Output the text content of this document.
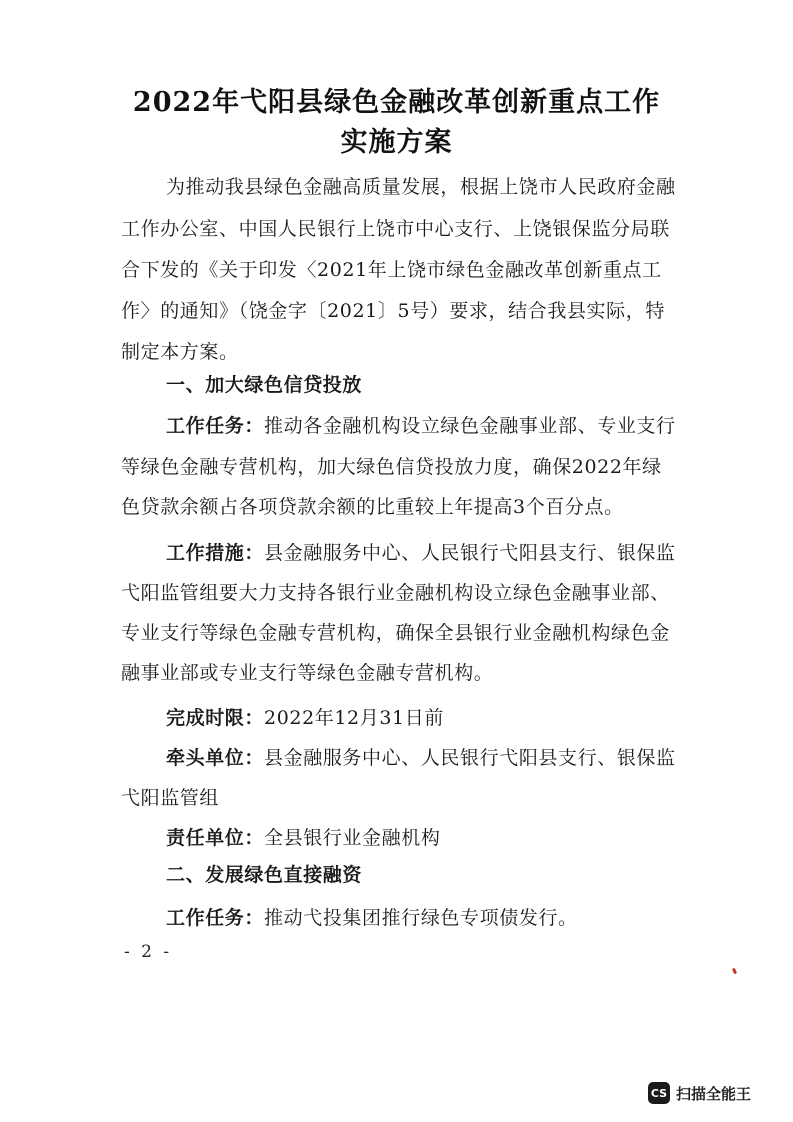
2022年弋阳县绿色金融改革创新重点工作
实施方案
为推动我县绿色金融高质量发展，根据上饶市人民政府金融
工作办公室、中国人民银行上饶市中心支行、上饶银保监分局联
合下发的《关于印发〈2021年上饶市绿色金融改革创新重点工
作〉的通知》（饶金字〔2021〕5号）要求，结合我县实际，特
制定本方案。
一、加大绿色信贷投放
工作任务：推动各金融机构设立绿色金融事业部、专业支行
等绿色金融专营机构，加大绿色信贷投放力度，确保2022年绿
色贷款余额占各项贷款余额的比重较上年提高3个百分点。
工作措施：县金融服务中心、人民银行弋阳县支行、银保监
弋阳监管组要大力支持各银行业金融机构设立绿色金融事业部、
专业支行等绿色金融专营机构，确保全县银行业金融机构绿色金
融事业部或专业支行等绿色金融专营机构。
完成时限：2022年12月31日前
牵头单位：县金融服务中心、人民银行弋阳县支行、银保监
弋阳监管组
责任单位：全县银行业金融机构
二、发展绿色直接融资
工作任务：推动弋投集团推行绿色专项债发行。
- 2 -
CS 扫描全能王
